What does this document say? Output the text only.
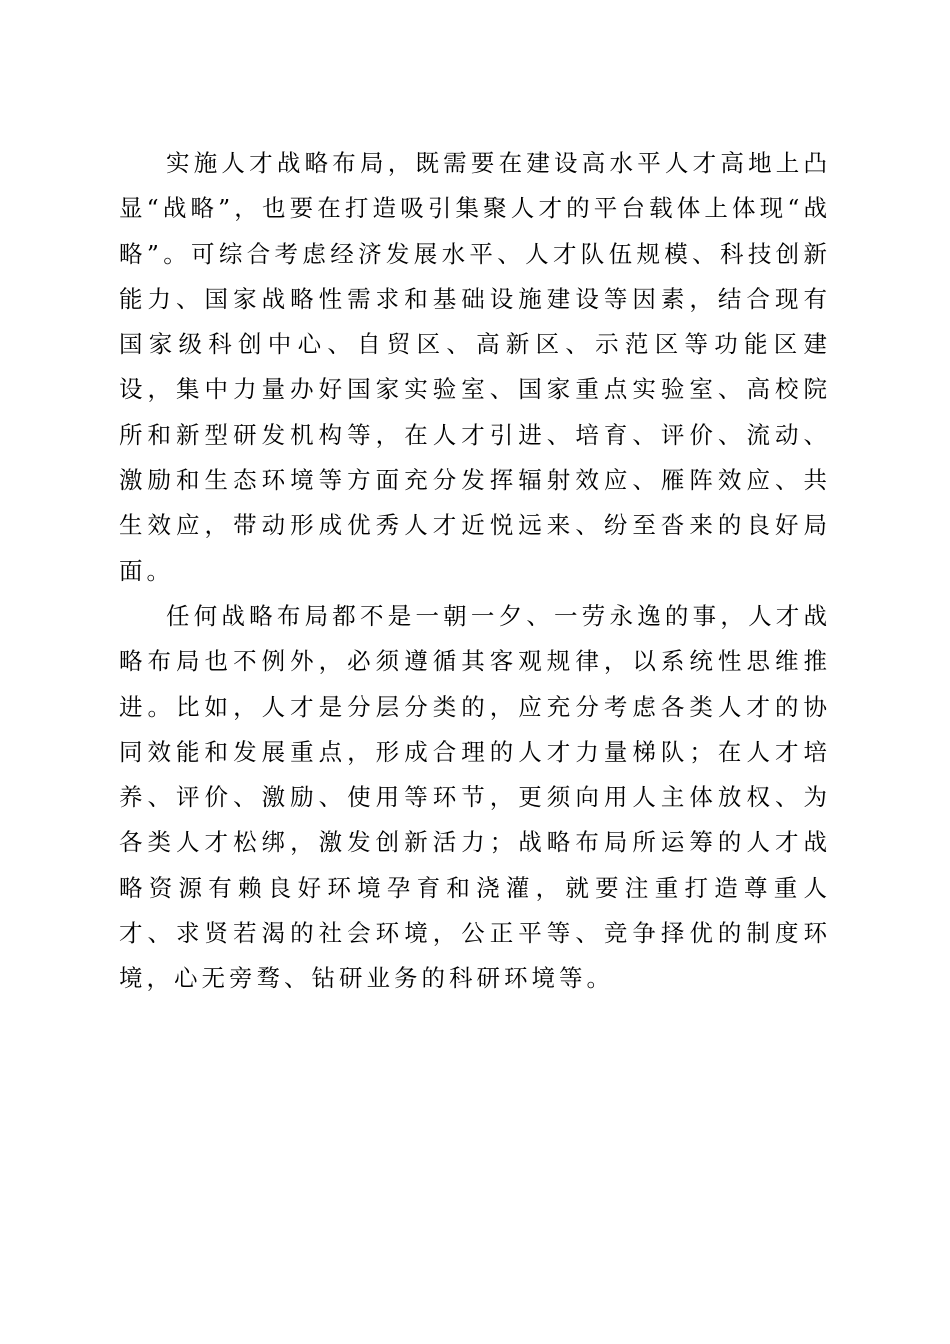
实施人才战略布局，既需要在建设高水平人才高地上凸显“战略”，也要在打造吸引集聚人才的平台载体上体现“战略”。可综合考虑经济发展水平、人才队伍规模、科技创新能力、国家战略性需求和基础设施建设等因素，结合现有国家级科创中心、自贸区、高新区、示范区等功能区建设，集中力量办好国家实验室、国家重点实验室、高校院所和新型研发机构等，在人才引进、培育、评价、流动、激励和生态环境等方面充分发挥辐射效应、雁阵效应、共生效应，带动形成优秀人才近悦远来、纷至沓来的良好局面。

任何战略布局都不是一朝一夕、一劳永逸的事，人才战略布局也不例外，必须遵循其客观规律，以系统性思维推进。比如，人才是分层分类的，应充分考虑各类人才的协同效能和发展重点，形成合理的人才力量梯队；在人才培养、评价、激励、使用等环节，更须向用人主体放权、为各类人才松绑，激发创新活力；战略布局所运筹的人才战略资源有赖良好环境孕育和浇灌，就要注重打造尊重人才、求贤若渴的社会环境，公正平等、竞争择优的制度环境，心无旁骛、钻研业务的科研环境等。
